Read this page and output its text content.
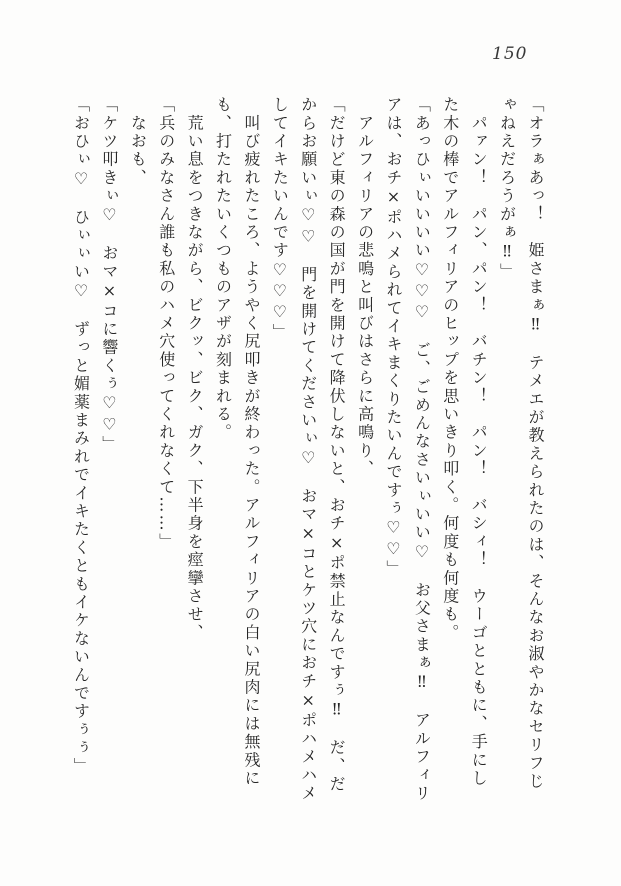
150

「オラぁあっ！　姫さまぁ‼　テメエが教えられたのは、そんなお淑やかなセリフじ

ゃねえだろうがぁ‼」

　パァン！　パン、パン！　バチン！　パン！　バシィ！　ウーゴとともに、手にし

た木の棒でアルフィリアのヒップを思いきり叩く。何度も何度も。

「あっひぃいいいい♡♡♡　ご、ごめんなさいぃいい♡　お父さまぁ‼　アルフィリ

アは、おチ×ポハメられてイキまくりたいんですぅ♡♡」

　アルフィリアの悲鳴と叫びはさらに高鳴り、

「だけど東の森の国が門を開けて降伏しないと、おチ×ポ禁止なんですぅ‼　だ、だ

からお願いぃ♡♡　門を開けてくださいぃ♡　おマ×コとケツ穴におチ×ポハメハメ

してイキたいんです♡♡♡」

　叫び疲れたころ、ようやく尻叩きが終わった。アルフィリアの白い尻肉には無残に

も、打たれたいくつものアザが刻まれる。

　荒い息をつきながら、ビクッ、ビク、ガク、下半身を痙攣させ、

「兵のみなさん誰も私のハメ穴使ってくれなくて……」

　なおも、

「ケツ叩きぃ♡　おマ×コに響くぅ♡♡」

「おひぃ♡　ひぃぃい♡　ずっと媚薬まみれでイキたくともイケないんですぅぅ」
